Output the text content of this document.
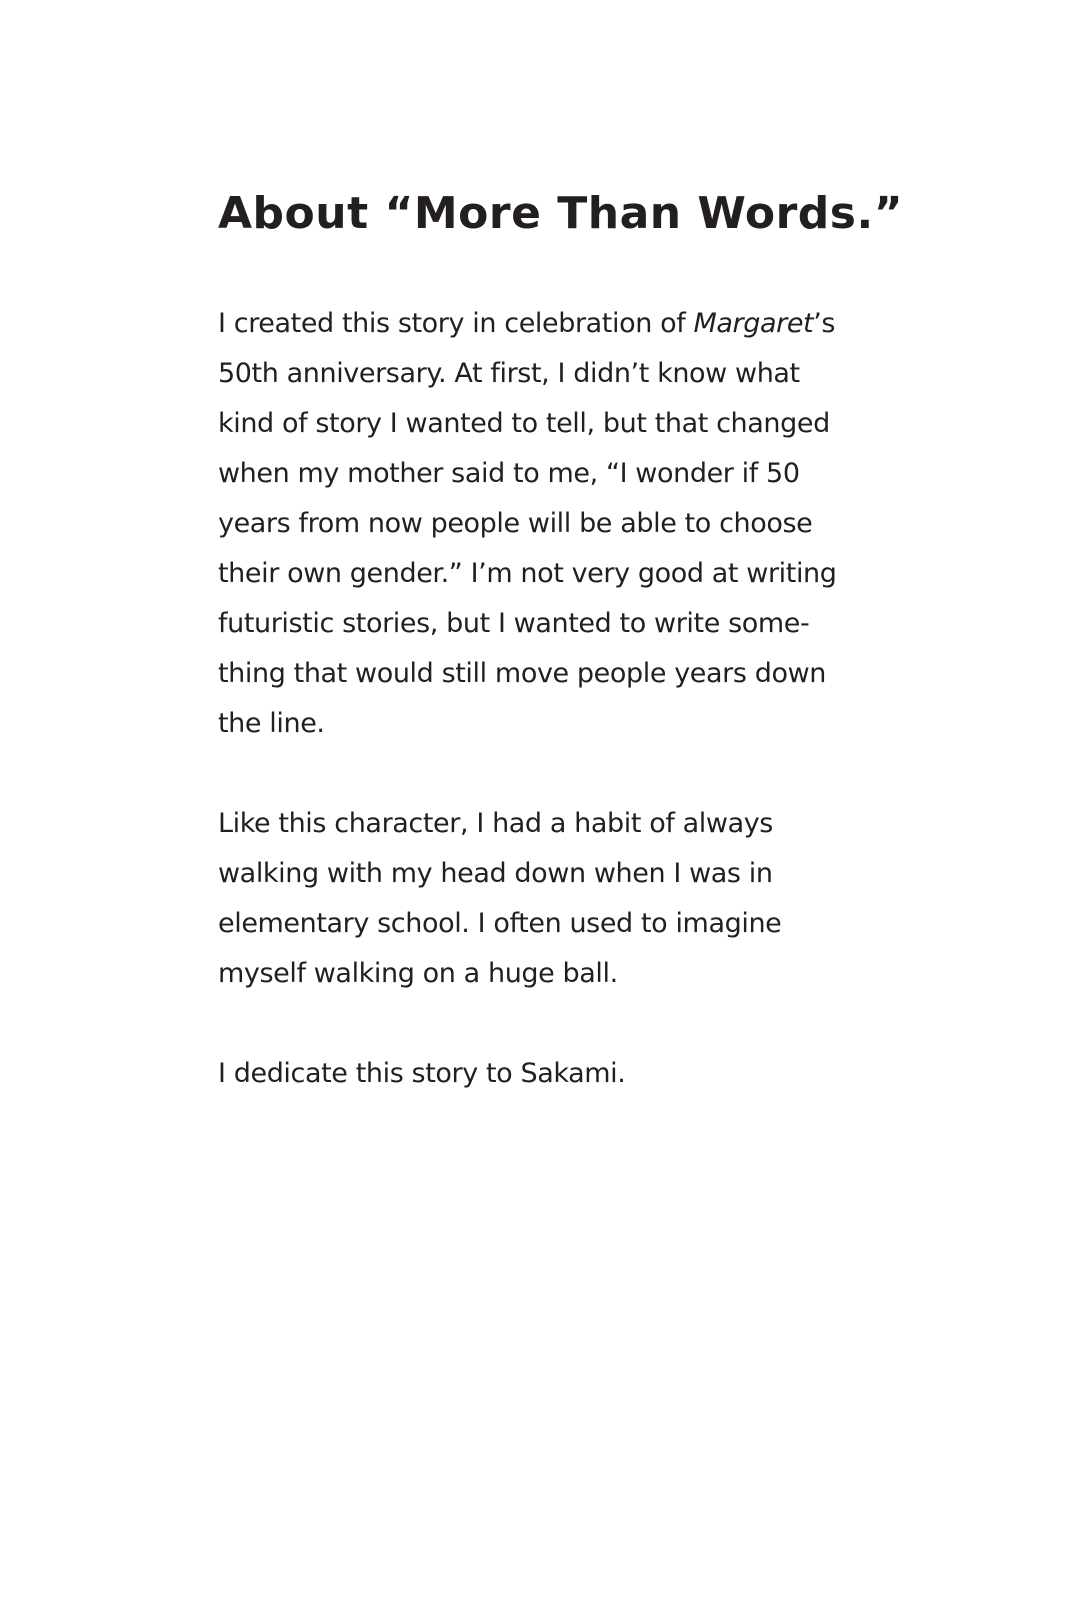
About “More Than Words.”
I created this story in celebration of Margaret’s
50th anniversary. At first, I didn’t know what
kind of story I wanted to tell, but that changed
when my mother said to me, “I wonder if 50
years from now people will be able to choose
their own gender.” I’m not very good at writing
futuristic stories, but I wanted to write some-
thing that would still move people years down
the line.
Like this character, I had a habit of always
walking with my head down when I was in
elementary school. I often used to imagine
myself walking on a huge ball.
I dedicate this story to Sakami.
